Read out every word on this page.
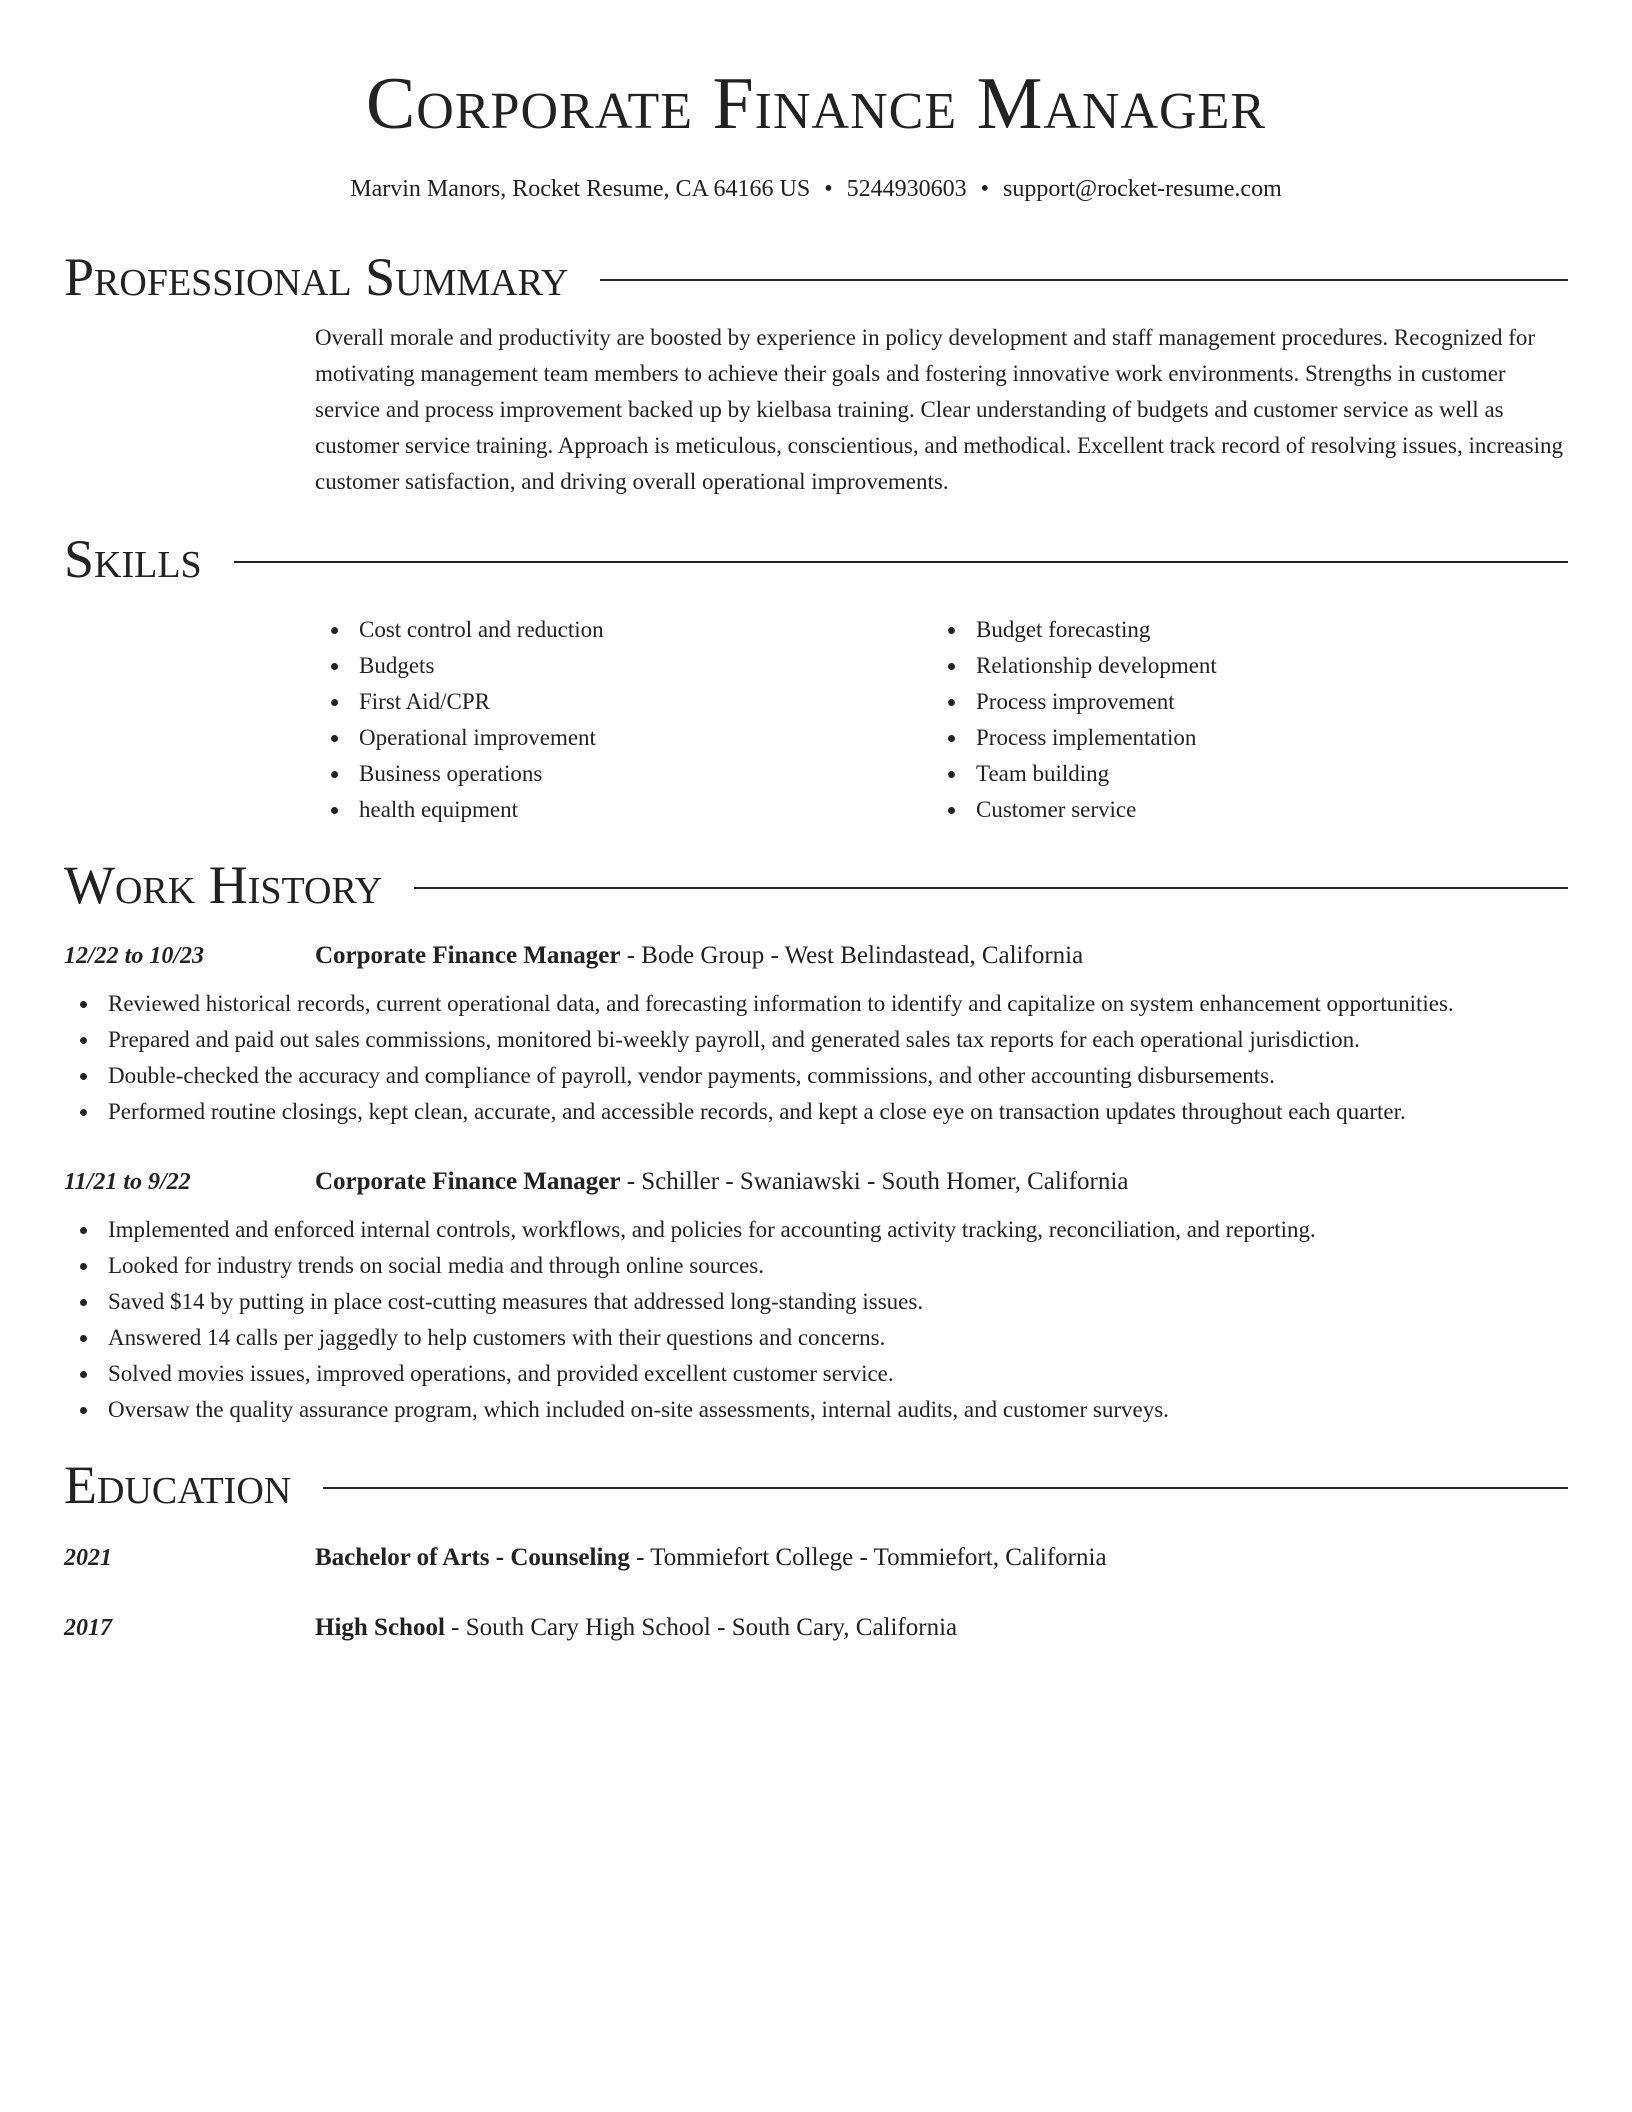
Corporate Finance Manager
Marvin Manors, Rocket Resume, CA 64166 US • 5244930603 • support@rocket-resume.com
Professional Summary
Overall morale and productivity are boosted by experience in policy development and staff management procedures. Recognized for motivating management team members to achieve their goals and fostering innovative work environments. Strengths in customer service and process improvement backed up by kielbasa training. Clear understanding of budgets and customer service as well as customer service training. Approach is meticulous, conscientious, and methodical. Excellent track record of resolving issues, increasing customer satisfaction, and driving overall operational improvements.
Skills
Cost control and reduction
Budgets
First Aid/CPR
Operational improvement
Business operations
health equipment
Budget forecasting
Relationship development
Process improvement
Process implementation
Team building
Customer service
Work History
12/22 to 10/23	Corporate Finance Manager - Bode Group - West Belindastead, California
Reviewed historical records, current operational data, and forecasting information to identify and capitalize on system enhancement opportunities.
Prepared and paid out sales commissions, monitored bi-weekly payroll, and generated sales tax reports for each operational jurisdiction.
Double-checked the accuracy and compliance of payroll, vendor payments, commissions, and other accounting disbursements.
Performed routine closings, kept clean, accurate, and accessible records, and kept a close eye on transaction updates throughout each quarter.
11/21 to 9/22	Corporate Finance Manager - Schiller - Swaniawski - South Homer, California
Implemented and enforced internal controls, workflows, and policies for accounting activity tracking, reconciliation, and reporting.
Looked for industry trends on social media and through online sources.
Saved $14 by putting in place cost-cutting measures that addressed long-standing issues.
Answered 14 calls per jaggedly to help customers with their questions and concerns.
Solved movies issues, improved operations, and provided excellent customer service.
Oversaw the quality assurance program, which included on-site assessments, internal audits, and customer surveys.
Education
2021	Bachelor of Arts - Counseling - Tommiefort College - Tommiefort, California
2017	High School - South Cary High School - South Cary, California
